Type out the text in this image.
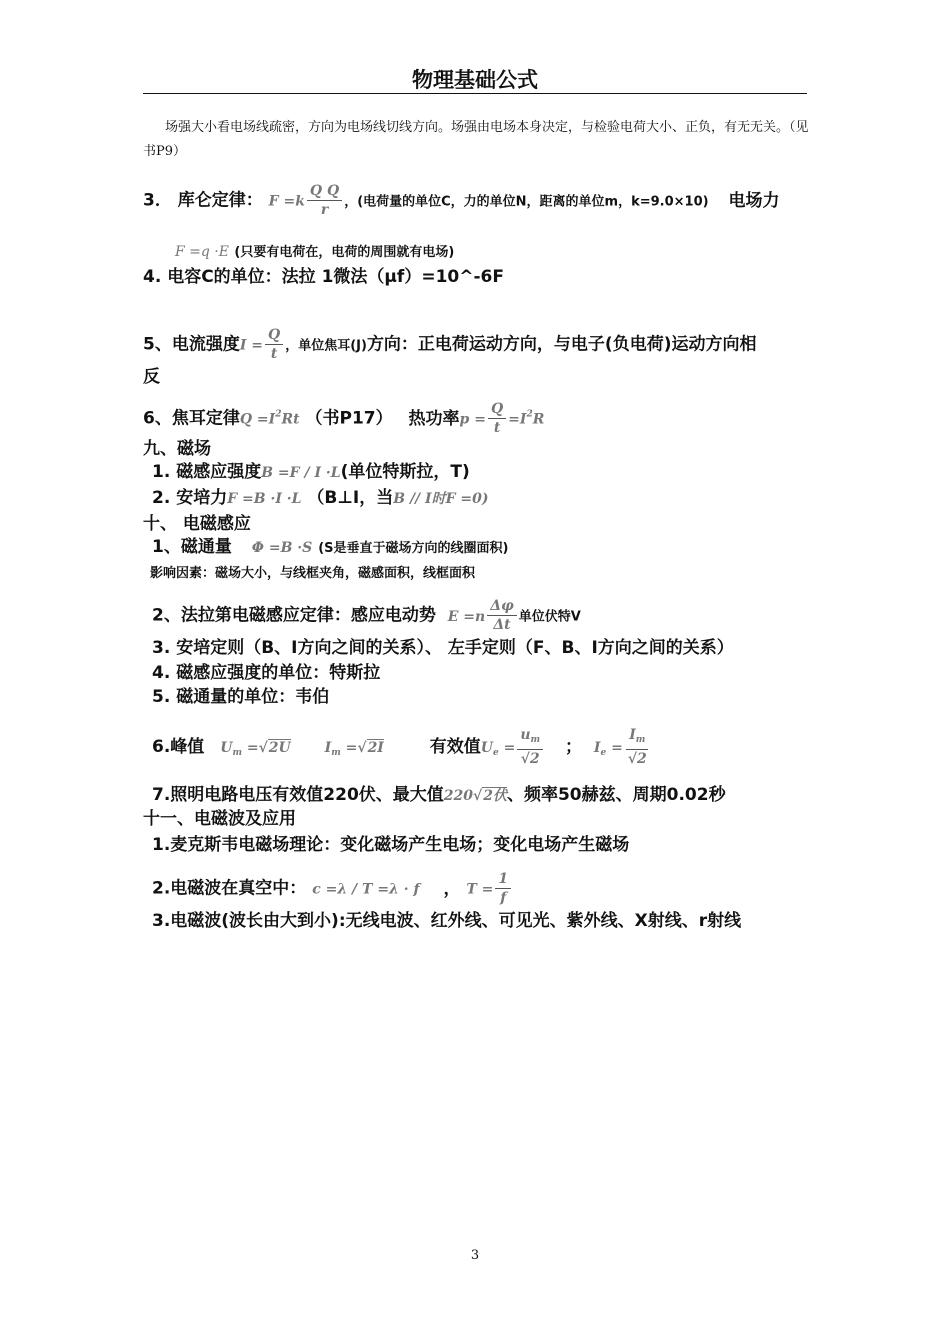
物理基础公式
场强大小看电场线疏密，方向为电场线切线方向。场强由电场本身决定，与检验电荷大小、正负，有无无关。（见书P9）
3． 库仑定律： $F =k \frac{\text{Q Q}}{r}$ ，(电荷量的单位C，力的单位N，距离的单位m，k=9.0×10) 电场力
F =q ·E (只要有电荷在，电荷的周围就有电场)
4. 电容C的单位：法拉 1微法（μf）=10^-6F
5、电流强度$I = \frac{Q}{t}$ ，单位焦耳(J)方向：正电荷运动方向，与电子(负电荷)运动方向相
反
6、焦耳定律$Q =I^2Rt$ （书P17） 热功率$p = \frac{Q}{t} =I^2R$
九、磁场
1. 磁感应强度B =F / I ·L(单位特斯拉，T)
2. 安培力F =B ·I ·L （B⊥I，当B // I时F =0)
十、 电磁感应
1、磁通量 Φ =B ·S (S是垂直于磁场方向的线圈面积)
影响因素：磁场大小，与线框夹角，磁感面积，线框面积
2、法拉第电磁感应定律：感应电动势 $E =n \frac{\Delta\varphi}{\Delta t}$ 单位伏特V
3. 安培定则（B、I方向之间的关系）、 左手定则（F、B、I方向之间的关系）
4. 磁感应强度的单位：特斯拉
5. 磁通量的单位：韦伯
6.峰值 $U_m =√2U$ $I_m =√2I$	有效值$U_e = \frac{u_m}{√2}$ ； $I_e = \frac{I_m}{√2}$
7.照明电路电压有效值220伏、最大值220√2伏、频率50赫兹、周期0.02秒
十一、电磁波及应用
1.麦克斯韦电磁场理论：变化磁场产生电场；变化电场产生磁场
2.电磁波在真空中： c =λ / T =λ · f ， $T = \frac{1}{f}$
3.电磁波(波长由大到小):无线电波、红外线、可见光、紫外线、X射线、r射线
3
